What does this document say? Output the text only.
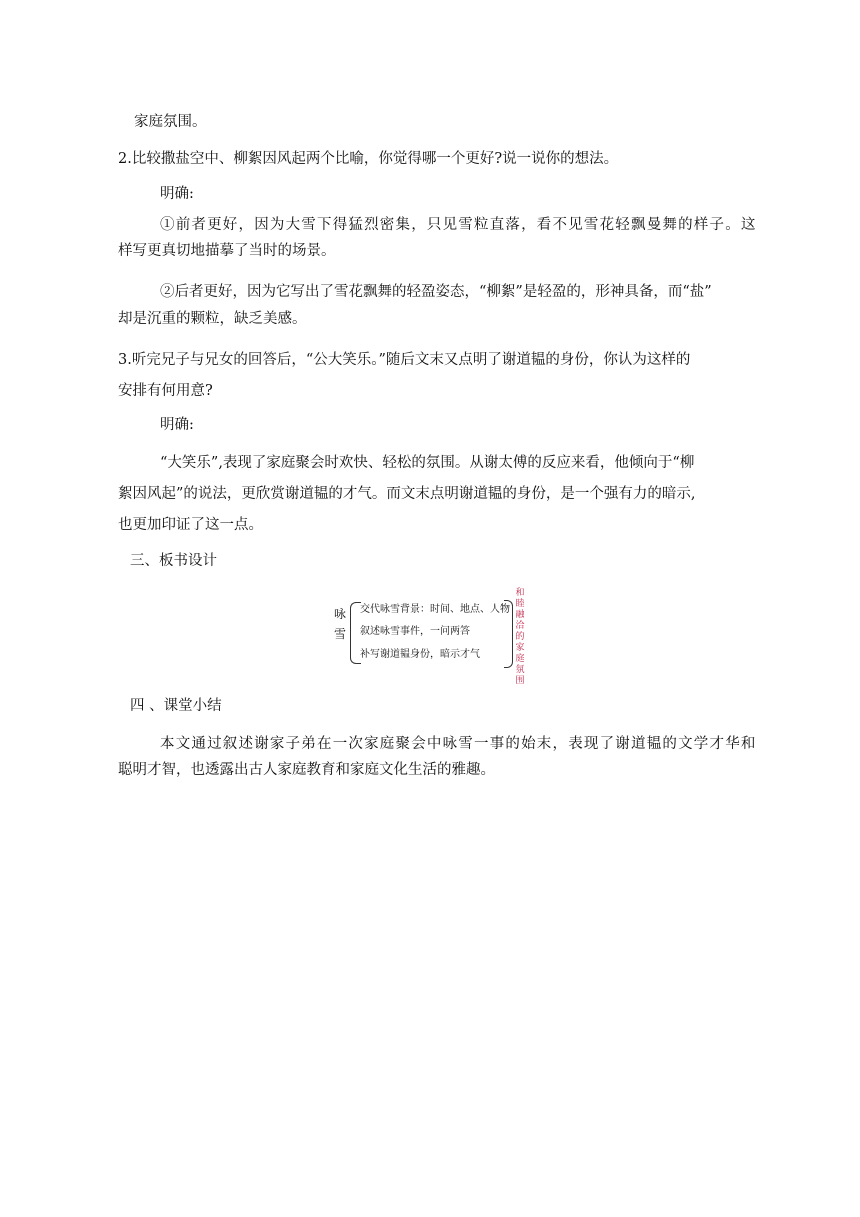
家庭氛围。
2.比较撒盐空中、柳絮因风起两个比喻，你觉得哪一个更好?说一说你的想法。
明确:
①前者更好，因为大雪下得猛烈密集，只见雪粒直落，看不见雪花轻飘曼舞的样子。这
样写更真切地描摹了当时的场景。
②后者更好，因为它写出了雪花飘舞的轻盈姿态，“柳絮”是轻盈的，形神具备，而“盐”
却是沉重的颗粒，缺乏美感。
3.听完兄子与兄女的回答后，“公大笑乐。”随后文末又点明了谢道韫的身份，你认为这样的
安排有何用意?
明确:
“大笑乐”,表现了家庭聚会时欢快、轻松的氛围。从谢太傅的反应来看，他倾向于“柳
絮因风起”的说法，更欣赏谢道韫的才气。而文末点明谢道韫的身份，是一个强有力的暗示,
也更加印证了这一点。
三、板书设计
咏雪
交代咏雪背景：时间、地点、人物
叙述咏雪事件，一问两答
补写谢道韫身份，暗示才气
和睦融洽的家庭氛围
四 、课堂小结
本文通过叙述谢家子弟在一次家庭聚会中咏雪一事的始末，表现了谢道韫的文学才华和
聪明才智，也透露出古人家庭教育和家庭文化生活的雅趣。
